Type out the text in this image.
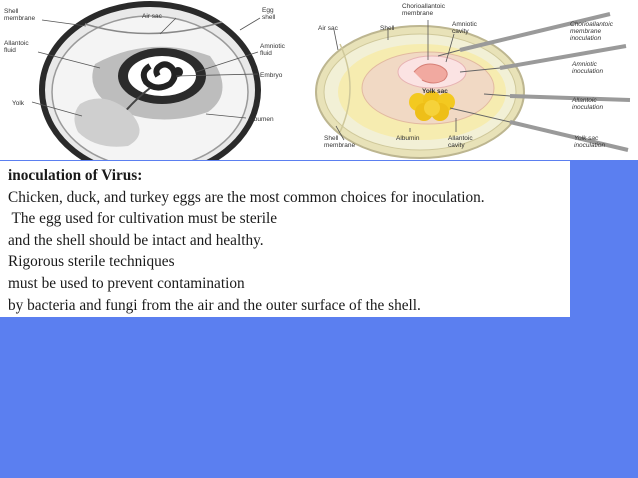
Shell membrane	Air sac
Egg shell
Allantoic fluid
Amniotic fluid
Embryo
Yolk
Albumen
Chorioallantoic membrane
Air sac	Shell
Amniotic cavity
Chorioallantoic membrane inoculation
Amniotic inoculation
Yolk sac
Allantoic inoculation
Shell membrane
Albumin	Allantoic cavity
Yolk sac inoculation
inoculation of Virus:
Chicken, duck, and turkey eggs are the most common choices for inoculation.
The egg used for cultivation must be sterile
and the shell should be intact and healthy.
Rigorous sterile techniques
must be used to prevent contamination
by bacteria and fungi from the air and the outer surface of the shell.
